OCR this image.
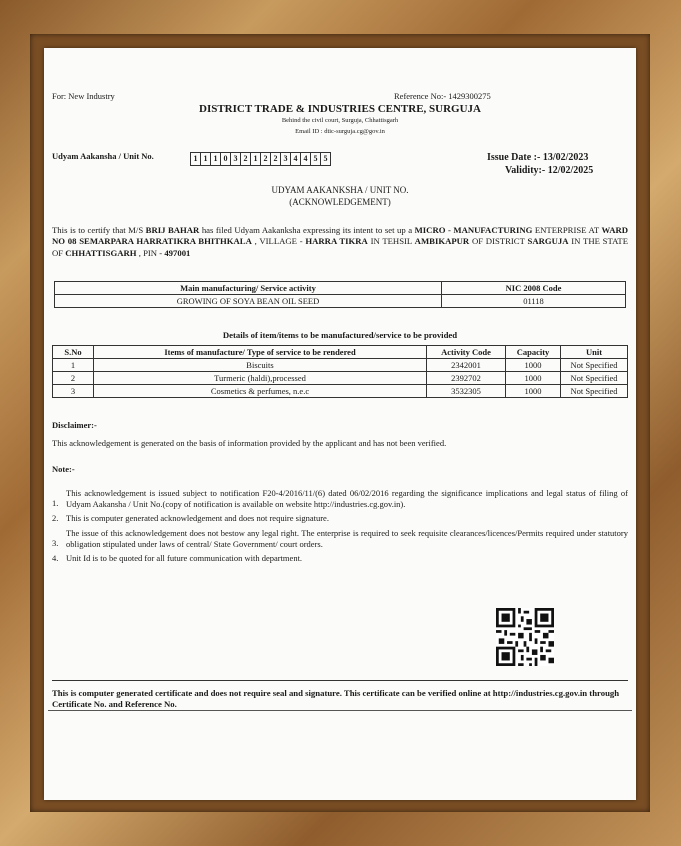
For: New Industry	Reference No:- 1429300275
DISTRICT TRADE & INDUSTRIES CENTRE, SURGUJA
Behind the civil court, Surguja, Chhattisgarh
Email ID : dtic-surguja.cg@gov.in
Udyam Aakansha / Unit No.	1 1 1 0 3 2 1 2 2 3 4 4 5 5	Issue Date :- 13/02/2023
Validity:- 12/02/2025
UDYAM AAKANKSHA / UNIT NO.
(ACKNOWLEDGEMENT)
This is to certify that M/S BRIJ BAHAR has filed Udyam Aakanksha expressing its intent to set up a MICRO - MANUFACTURING ENTERPRISE AT WARD NO 08 SEMARPARA HARRATIKRA BHITHKALA , VILLAGE - HARRA TIKRA IN TEHSIL AMBIKAPUR OF DISTRICT SARGUJA IN THE STATE OF CHHATTISGARH , PIN - 497001
Main manufacturing/ Service activity	NIC 2008 Code
GROWING OF SOYA BEAN OIL SEED	01118
Details of item/items to be manufactured/service to be provided
S.No	Items of manufacture/ Type of service to be rendered	Activity Code	Capacity	Unit
1	Biscuits	2342001	1000	Not Specified
2	Turmeric (haldi),processed	2392702	1000	Not Specified
3	Cosmetics & perfumes, n.e.c	3532305	1000	Not Specified
Disclaimer:-
This acknowledgement is generated on the basis of information provided by the applicant and has not been verified.
Note:-
1.
This acknowledgement is issued subject to notification F20-4/2016/11/(6) dated 06/02/2016 regarding the significance implications and legal status of filing of Udyam Aakansha / Unit No.(copy of notification is available on website http://industries.cg.gov.in).
2. This is computer generated acknowledgement and does not require signature.
3.
The issue of this acknowledgement does not bestow any legal right. The enterprise is required to seek requisite clearances/licences/Permits required under statutory obligation stipulated under laws of central/ State Government/ court orders.
4. Unit Id is to be quoted for all future communication with department.
This is computer generated certificate and does not require seal and signature. This certificate can be verified online at http://industries.cg.gov.in through Certificate No. and Reference No.
